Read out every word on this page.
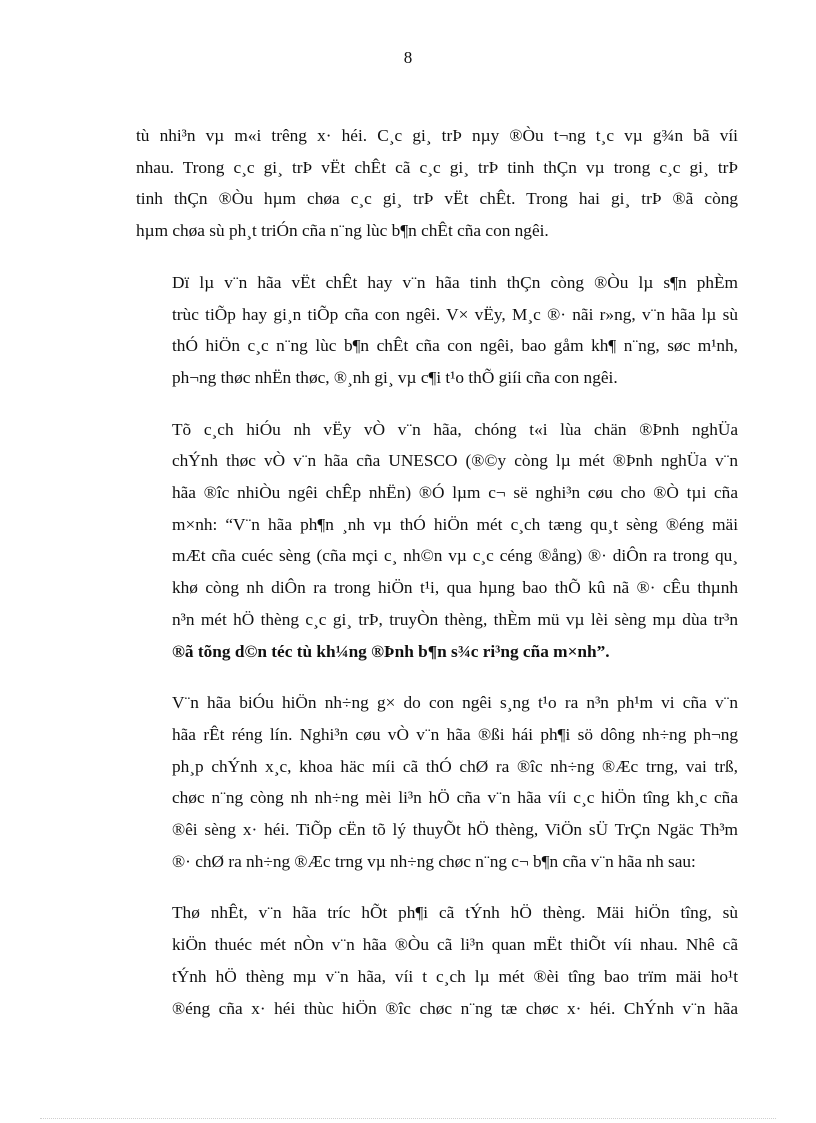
8

tù nhi³n vµ m«i trêng x· héi. C¸c gi¸ trÞ nµy ®Òu t¬ng t¸c vµ g¾n bã víi
nhau. Trong c¸c gi¸ trÞ vËt chÊt cã c¸c gi¸ trÞ tinh thÇn vµ trong c¸c gi¸ trÞ
tinh thÇn ®Òu hµm chøa c¸c gi¸ trÞ vËt chÊt. Trong hai gi¸ trÞ ®ã còng
hµm chøa sù ph¸t triÓn cña n¨ng lùc b¶n chÊt cña con ngêi.

Dï lµ v¨n hãa vËt chÊt hay v¨n hãa tinh thÇn còng ®Òu lµ s¶n phÈm
trùc tiÕp hay gi¸n tiÕp cña con ngêi. V× vËy, M¸c ®· nãi r»ng, v¨n hãa lµ sù
thÓ hiÖn c¸c n¨ng lùc b¶n chÊt cña con ngêi, bao gåm kh¶ n¨ng, søc m¹nh,
ph¬ng thøc nhËn thøc, ®¸nh gi¸ vµ c¶i t¹o thÕ giíi cña con ngêi.

Tõ c¸ch hiÓu nh vËy vÒ v¨n hãa, chóng t«i lùa chän ®Þnh nghÜa
chÝnh thøc vÒ v¨n hãa cña UNESCO (®©y còng lµ mét ®Þnh nghÜa v¨n
hãa ®îc nhiÒu ngêi chÊp nhËn) ®Ó lµm c¬ së nghi³n cøu cho ®Ò tµi cña
m×nh: “V¨n hãa ph¶n ¸nh vµ thÓ hiÖn mét c¸ch tæng qu¸t sèng ®éng mäi
mÆt cña cuéc sèng (cña mçi c¸ nh©n vµ c¸c céng ®ång) ®· diÔn ra trong qu¸
khø còng nh diÔn ra trong hiÖn t¹i, qua hµng bao thÕ kû nã ®· cÊu thµnh
n³n mét hÖ thèng c¸c gi¸ trÞ, truyÒn thèng, thÈm mü vµ lèi sèng mµ dùa tr³n
®ã tõng d©n téc tù kh¼ng ®Þnh b¶n s¾c ri³ng cña m×nh”.

V¨n hãa biÓu hiÖn nh÷ng g× do con ngêi s¸ng t¹o ra n³n ph¹m vi cña v¨n
hãa rÊt réng lín. Nghi³n cøu vÒ v¨n hãa ®ßi hái ph¶i sö dông nh÷ng ph¬ng
ph¸p chÝnh x¸c, khoa häc míi cã thÓ chØ ra ®îc nh÷ng ®Æc trng, vai trß,
chøc n¨ng còng nh nh÷ng mèi li³n hÖ cña v¨n hãa víi c¸c hiÖn tîng kh¸c cña
®êi sèng x· héi. TiÕp cËn tõ lý thuyÕt hÖ thèng, ViÖn sÜ TrÇn Ngäc Th³m
®· chØ ra nh÷ng ®Æc trng vµ nh÷ng chøc n¨ng c¬ b¶n cña v¨n hãa nh sau:

Thø nhÊt, v¨n hãa tríc hÕt ph¶i cã tÝnh hÖ thèng. Mäi hiÖn tîng, sù
kiÖn thuéc mét nÒn v¨n hãa ®Òu cã li³n quan mËt thiÕt víi nhau. Nhê cã
tÝnh hÖ thèng mµ v¨n hãa, víi t c¸ch lµ mét ®èi tîng bao trïm mäi ho¹t
®éng cña x· héi thùc hiÖn ®îc chøc n¨ng tæ chøc x· héi. ChÝnh v¨n hãa
